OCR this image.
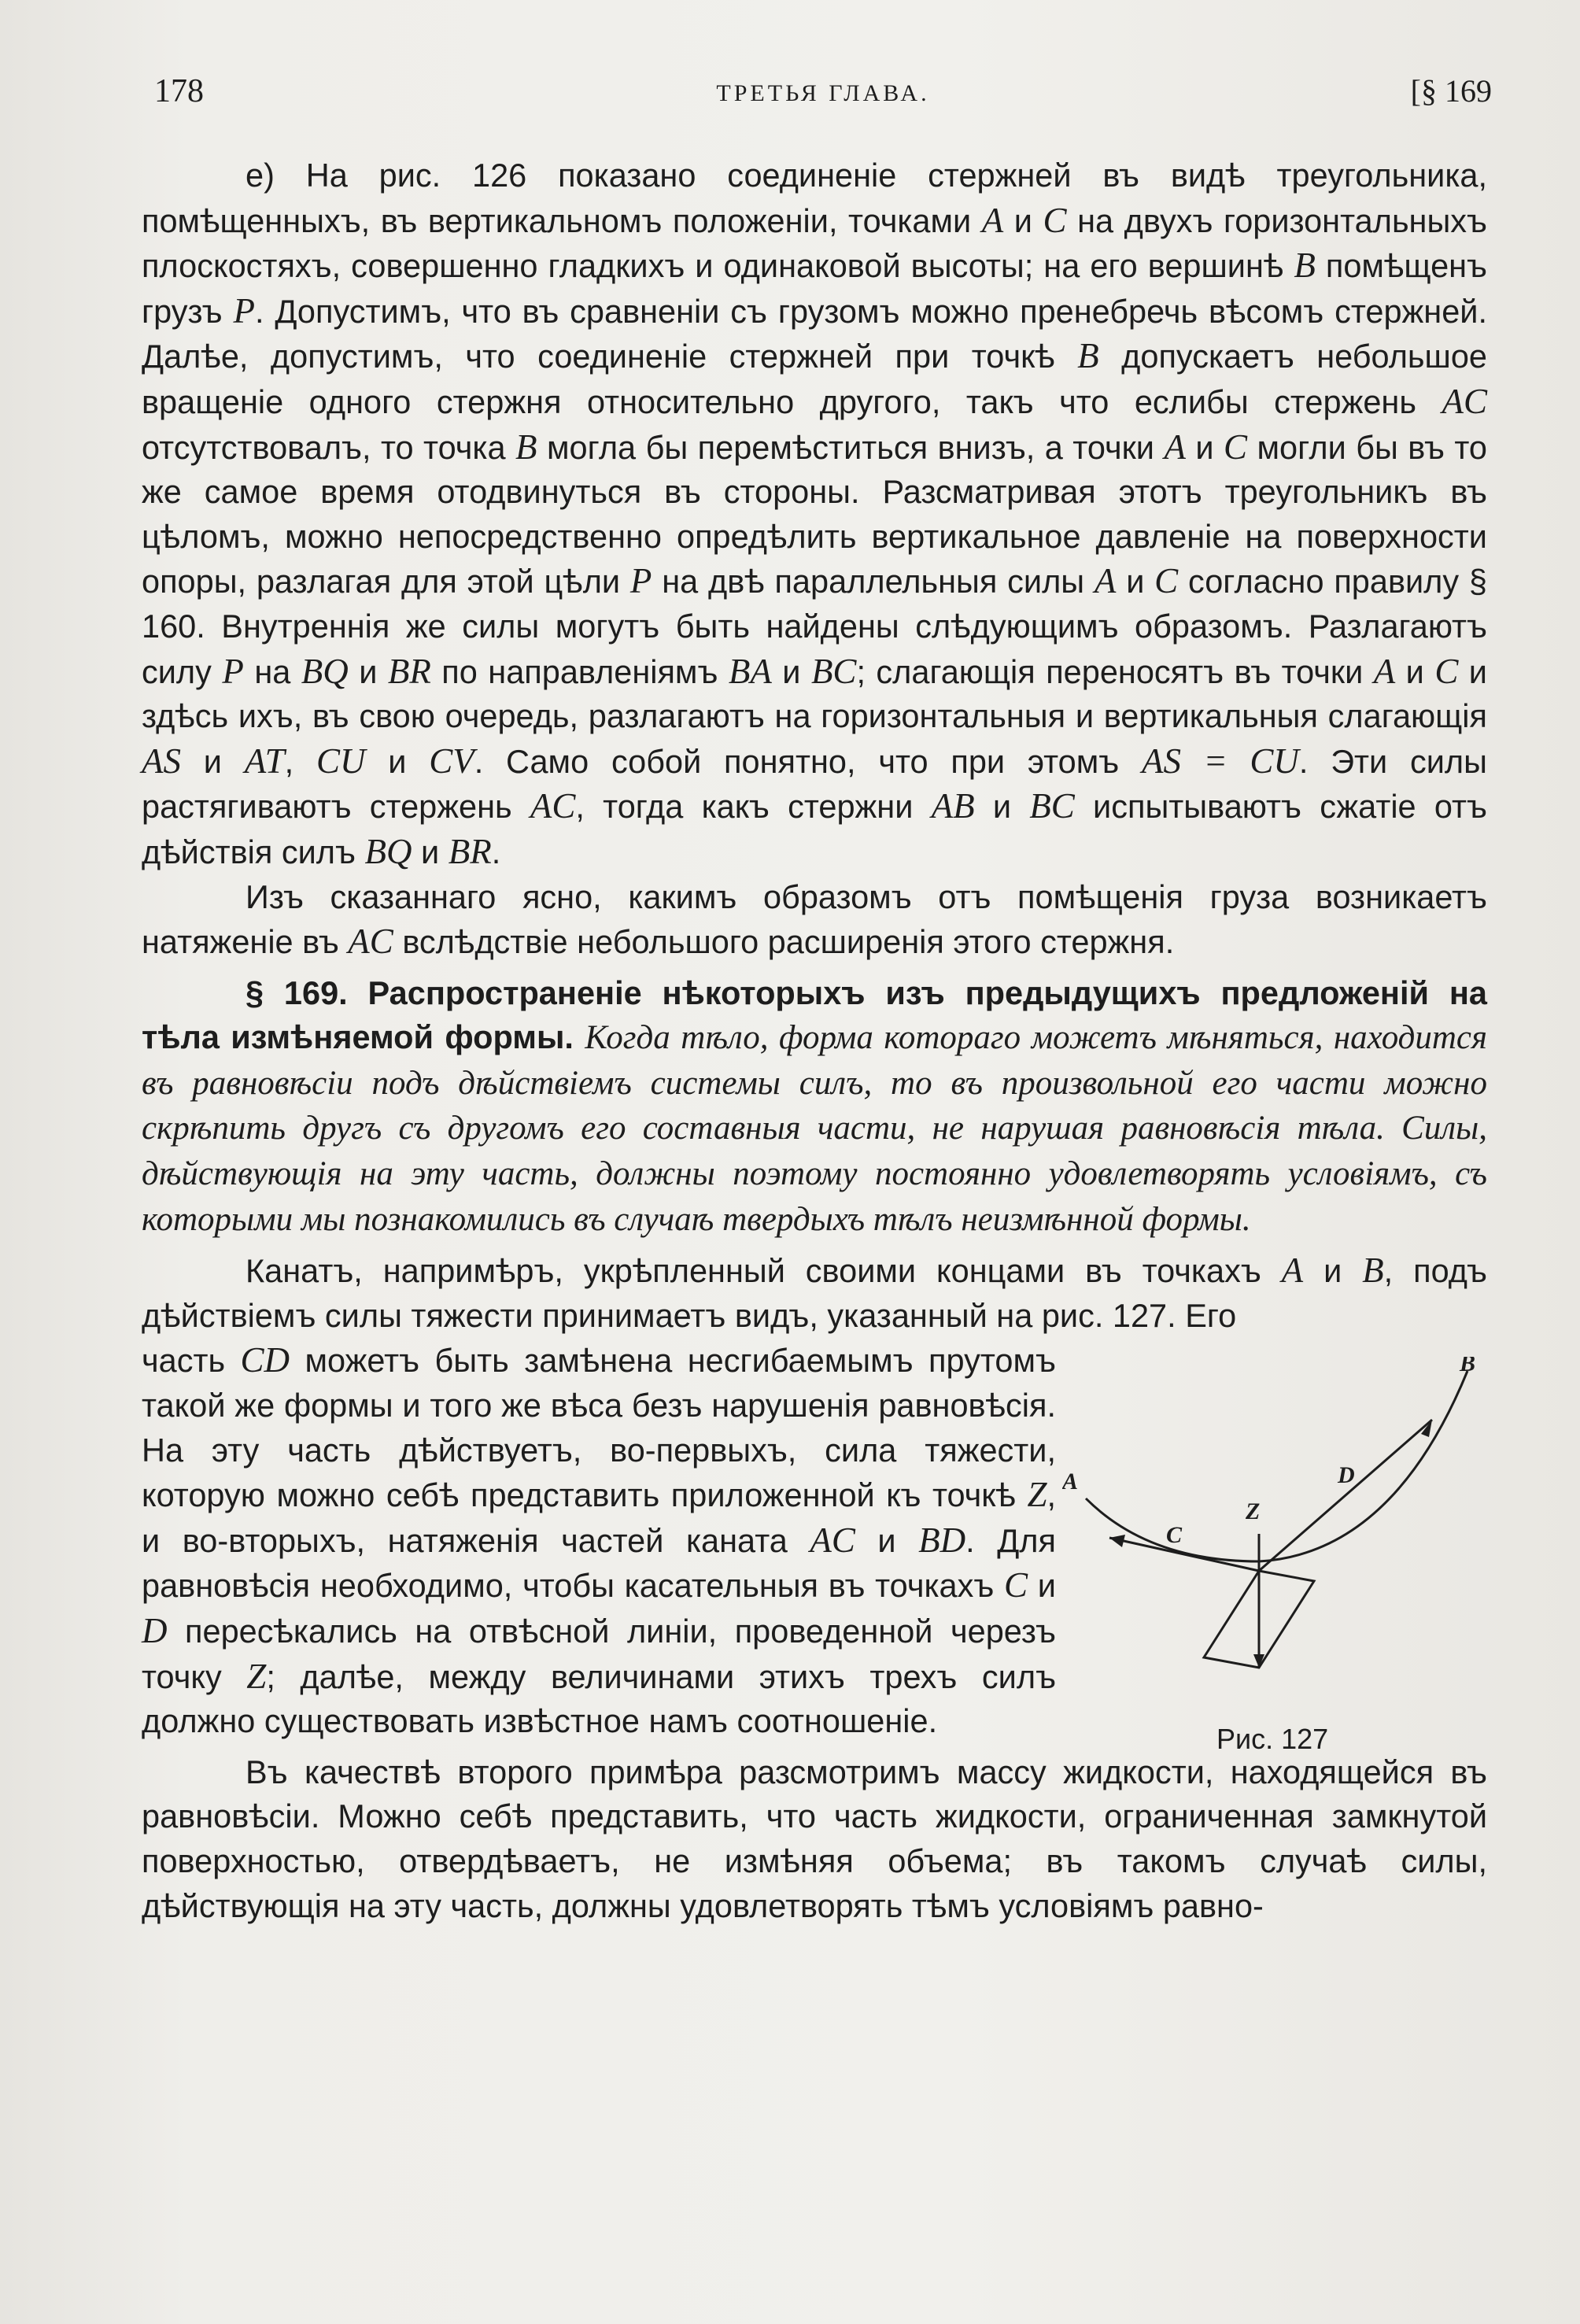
178	ТРЕТЬЯ ГЛАВА.	[§ 169

e) На рис. 126 показано соединенiе стержней въ видѣ треугольника, помѣщенныхъ, въ вертикальномъ положенiи, точками A и C на двухъ горизонтальныхъ плоскостяхъ, совершенно гладкихъ и одинаковой высоты; на его вершинѣ B помѣщенъ грузъ P. Допустимъ, что въ сравненiи съ грузомъ можно пренебречь вѣсомъ стержней. Далѣе, допустимъ, что соединенiе стержней при точкѣ B допускаетъ небольшое вращенiе одного стержня относительно другого, такъ что еслибы стержень AC отсутствовалъ, то точка B могла бы перемѣститься внизъ, а точки A и C могли бы въ то же самое время отодвинуться въ стороны. Разсматривая этотъ треугольникъ въ цѣломъ, можно непосредственно опредѣлить вертикальное давленiе на поверхности опоры, разлагая для этой цѣли P на двѣ параллельныя силы A и C согласно правилу § 160. Внутреннiя же силы могутъ быть найдены слѣдующимъ образомъ. Разлагаютъ силу P на BQ и BR по направленiямъ BA и BC; слагающiя переносятъ въ точки A и C и здѣсь ихъ, въ свою очередь, разлагаютъ на горизонтальныя и вертикальныя слагающiя AS и AT, CU и CV. Само собой понятно, что при этомъ AS = CU. Эти силы растягиваютъ стержень AC, тогда какъ стержни AB и BC испытываютъ сжатiе отъ дѣйствiя силъ BQ и BR.

Изъ сказаннаго ясно, какимъ образомъ отъ помѣщенiя груза возникаетъ натяженiе въ AC вслѣдствiе небольшого расширенiя этого стержня.

§ 169. Распространенiе нѣкоторыхъ изъ предыдущихъ предложенiй на тѣла измѣняемой формы. Когда тѣло, форма котораго можетъ мѣняться, находится въ равновѣсiи подъ дѣйствiемъ системы силъ, то въ произвольной его части можно скрѣпить другъ съ другомъ его составныя части, не нарушая равновѣсiя тѣла. Силы, дѣйствующiя на эту часть, должны поэтому постоянно удовлетворять условiямъ, съ которыми мы познакомились въ случаѣ твердыхъ тѣлъ неизмѣнной формы.

Канатъ, напримѣръ, укрѣпленный своими концами въ точкахъ A и B, подъ дѣйствiемъ силы тяжести принимаетъ видъ, указанный на рис. 127. Его

часть CD можетъ быть замѣнена несгибаемымъ прутомъ такой же формы и того же вѣса безъ нарушенiя равновѣсiя. На эту часть дѣйствуетъ, во-первыхъ, сила тяжести, которую можно себѣ представить приложенной къ точкѣ Z, и во-вторыхъ, натяженiя частей каната AC и BD. Для равновѣсiя необходимо, чтобы касательныя въ точкахъ C и D пересѣкались на отвѣсной линiи, проведенной черезъ точку Z; далѣе, между величинами этихъ трехъ силъ должно существовать извѣстное намъ соотношенiе.

A
B
C
D
Z
Рис. 127

Въ качествѣ второго примѣра разсмотримъ массу жидкости, находящейся въ равновѣсiи. Можно себѣ представить, что часть жидкости, ограниченная замкнутой поверхностью, отвердѣваетъ, не измѣняя объема; въ такомъ случаѣ силы, дѣйствующiя на эту часть, должны удовлетворять тѣмъ условiямъ равно-
